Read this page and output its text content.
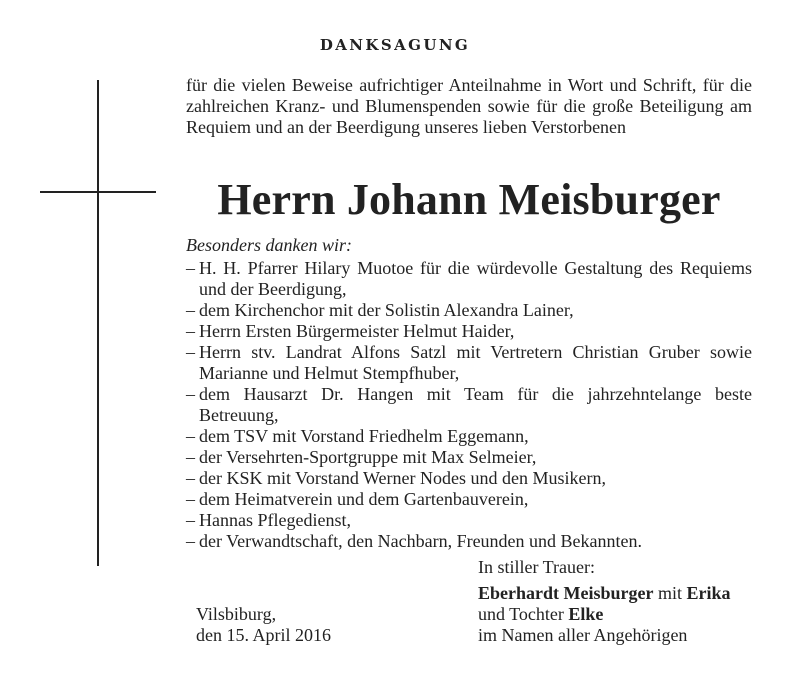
DANKSAGUNG
für die vielen Beweise aufrichtiger Anteilnahme in Wort und Schrift, für die zahlreichen Kranz- und Blumenspenden sowie für die große Beteiligung am Requiem und an der Beerdigung unseres lieben Verstorbenen
Herrn Johann Meisburger
Besonders danken wir:
– H. H. Pfarrer Hilary Muotoe für die würdevolle Gestaltung des Requiems und der Beerdigung,
– dem Kirchenchor mit der Solistin Alexandra Lainer,
– Herrn Ersten Bürgermeister Helmut Haider,
– Herrn stv. Landrat Alfons Satzl mit Vertretern Christian Gruber sowie Marianne und Helmut Stempfhuber,
– dem Hausarzt Dr. Hangen mit Team für die jahrzehntelange beste Betreuung,
– dem TSV mit Vorstand Friedhelm Eggemann,
– der Versehrten-Sportgruppe mit Max Selmeier,
– der KSK mit Vorstand Werner Nodes und den Musikern,
– dem Heimatverein und dem Gartenbauverein,
– Hannas Pflegedienst,
– der Verwandtschaft, den Nachbarn, Freunden und Bekannten.
In stiller Trauer:
Eberhardt Meisburger mit Erika
und Tochter Elke
im Namen aller Angehörigen
Vilsbiburg,
den 15. April 2016
